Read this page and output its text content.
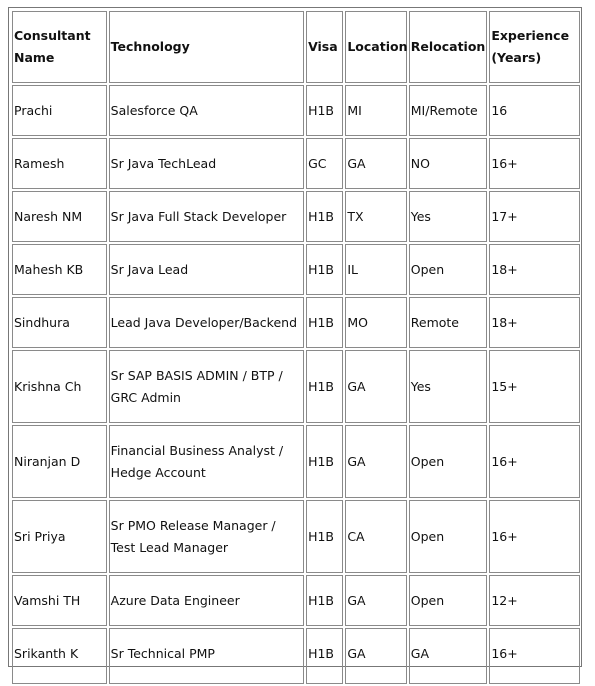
Consultant Name	Technology	Visa	Location	Relocation	Experience (Years)
Prachi	Salesforce QA	H1B	MI	MI/Remote	16
Ramesh	Sr Java TechLead	GC	GA	NO	16+
Naresh NM	Sr Java Full Stack Developer	H1B	TX	Yes	17+
Mahesh KB	Sr Java Lead	H1B	IL	Open	18+
Sindhura	Lead Java Developer/Backend	H1B	MO	Remote	18+
Krishna Ch	Sr SAP BASIS ADMIN / BTP / GRC Admin	H1B	GA	Yes	15+
Niranjan D	Financial Business Analyst / Hedge Account	H1B	GA	Open	16+
Sri Priya	Sr PMO Release Manager / Test Lead Manager	H1B	CA	Open	16+
Vamshi TH	Azure Data Engineer	H1B	GA	Open	12+
Srikanth K	Sr Technical PMP	H1B	GA	GA	16+
